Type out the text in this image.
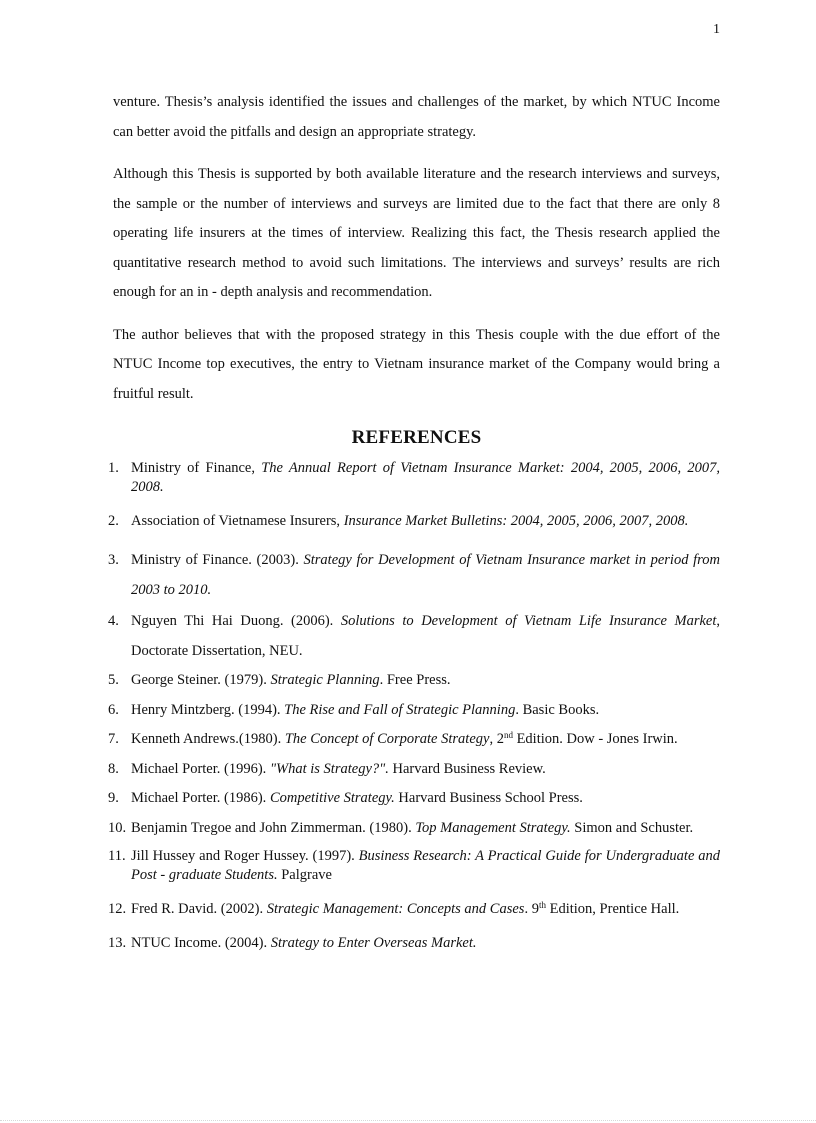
1

venture. Thesis’s analysis identified the issues and challenges of the market, by which NTUC Income can better avoid the pitfalls and design an appropriate strategy.

Although this Thesis is supported by both available literature and the research interviews and surveys, the sample or the number of interviews and surveys are limited due to the fact that there are only 8 operating life insurers at the times of interview. Realizing this fact, the Thesis research applied the quantitative research method to avoid such limitations. The interviews and surveys’ results are rich enough for an in - depth analysis and recommendation.

The author believes that with the proposed strategy in this Thesis couple with the due effort of the NTUC Income top executives, the entry to Vietnam insurance market of the Company would bring a fruitful result.

REFERENCES
1. Ministry of Finance, The Annual Report of Vietnam Insurance Market: 2004, 2005, 2006, 2007, 2008.
2. Association of Vietnamese Insurers, Insurance Market Bulletins: 2004, 2005, 2006, 2007, 2008.
3. Ministry of Finance. (2003). Strategy for Development of Vietnam Insurance market in period from 2003 to 2010.
4. Nguyen Thi Hai Duong. (2006). Solutions to Development of Vietnam Life Insurance Market, Doctorate Dissertation, NEU.
5. George Steiner. (1979). Strategic Planning. Free Press.
6. Henry Mintzberg. (1994). The Rise and Fall of Strategic Planning. Basic Books.
7. Kenneth Andrews.(1980). The Concept of Corporate Strategy, 2nd Edition. Dow - Jones Irwin.
8. Michael Porter. (1996). "What is Strategy?". Harvard Business Review.
9. Michael Porter. (1986). Competitive Strategy. Harvard Business School Press.
10. Benjamin Tregoe and John Zimmerman. (1980). Top Management Strategy. Simon and Schuster.
11. Jill Hussey and Roger Hussey. (1997). Business Research: A Practical Guide for Undergraduate and Post - graduate Students. Palgrave
12. Fred R. David. (2002). Strategic Management: Concepts and Cases. 9th Edition, Prentice Hall.
13. NTUC Income. (2004). Strategy to Enter Overseas Market.
